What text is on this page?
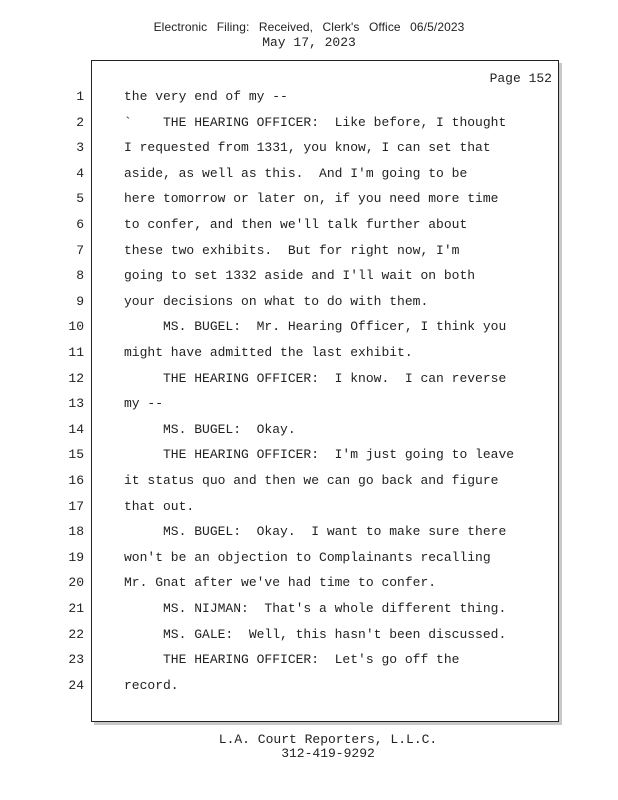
Electronic Filing: Received, Clerk's Office 06/5/2023
May 17, 2023
Page 152
1	the very end of my --
2	`    THE HEARING OFFICER:  Like before, I thought
3	I requested from 1331, you know, I can set that
4	aside, as well as this.  And I'm going to be
5	here tomorrow or later on, if you need more time
6	to confer, and then we'll talk further about
7	these two exhibits.  But for right now, I'm
8	going to set 1332 aside and I'll wait on both
9	your decisions on what to do with them.
10	MS. BUGEL:  Mr. Hearing Officer, I think you
11	might have admitted the last exhibit.
12	THE HEARING OFFICER:  I know.  I can reverse
13	my --
14	MS. BUGEL:  Okay.
15	THE HEARING OFFICER:  I'm just going to leave
16	it status quo and then we can go back and figure
17	that out.
18	MS. BUGEL:  Okay.  I want to make sure there
19	won't be an objection to Complainants recalling
20	Mr. Gnat after we've had time to confer.
21	MS. NIJMAN:  That's a whole different thing.
22	MS. GALE:  Well, this hasn't been discussed.
23	THE HEARING OFFICER:  Let's go off the
24	record.
L.A. Court Reporters, L.L.C.
312-419-9292
